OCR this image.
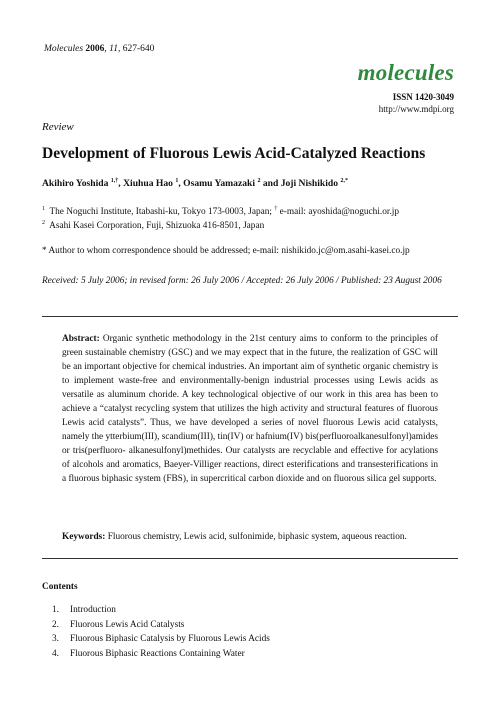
Molecules 2006, 11, 627-640
molecules
ISSN 1420-3049
http://www.mdpi.org
Review
Development of Fluorous Lewis Acid-Catalyzed Reactions
Akihiro Yoshida $^{1,\dagger}$, Xiuhua Hao $^1$, Osamu Yamazaki $^2$ and Joji Nishikido $^{2,*}$
$^1$ The Noguchi Institute, Itabashi-ku, Tokyo 173-0003, Japan; † e-mail: ayoshida@noguchi.or.jp
$^2$ Asahi Kasei Corporation, Fuji, Shizuoka 416-8501, Japan
* Author to whom correspondence should be addressed; e-mail: nishikido.jc@om.asahi-kasei.co.jp
Received: 5 July 2006; in revised form: 26 July 2006 / Accepted: 26 July 2006 / Published: 23 August 2006
Abstract: Organic synthetic methodology in the 21st century aims to conform to the principles of green sustainable chemistry (GSC) and we may expect that in the future, the realization of GSC will be an important objective for chemical industries. An important aim of synthetic organic chemistry is to implement waste-free and environmentally-benign industrial processes using Lewis acids as versatile as aluminum choride. A key technological objective of our work in this area has been to achieve a “catalyst recycling system that utilizes the high activity and structural features of fluorous Lewis acid catalysts”. Thus, we have developed a series of novel fluorous Lewis acid catalysts, namely the ytterbium(III), scandium(III), tin(IV) or hafnium(IV) bis(perfluoroalkanesulfonyl)amides or tris(perfluoro- alkanesulfonyl)methides. Our catalysts are recyclable and effective for acylations of alcohols and aromatics, Baeyer-Villiger reactions, direct esterifications and transesterifications in a fluorous biphasic system (FBS), in supercritical carbon dioxide and on fluorous silica gel supports.
Keywords: Fluorous chemistry, Lewis acid, sulfonimide, biphasic system, aqueous reaction.
Contents
1.	Introduction
2.	Fluorous Lewis Acid Catalysts
3.	Fluorous Biphasic Catalysis by Fluorous Lewis Acids
4.	Fluorous Biphasic Reactions Containing Water
